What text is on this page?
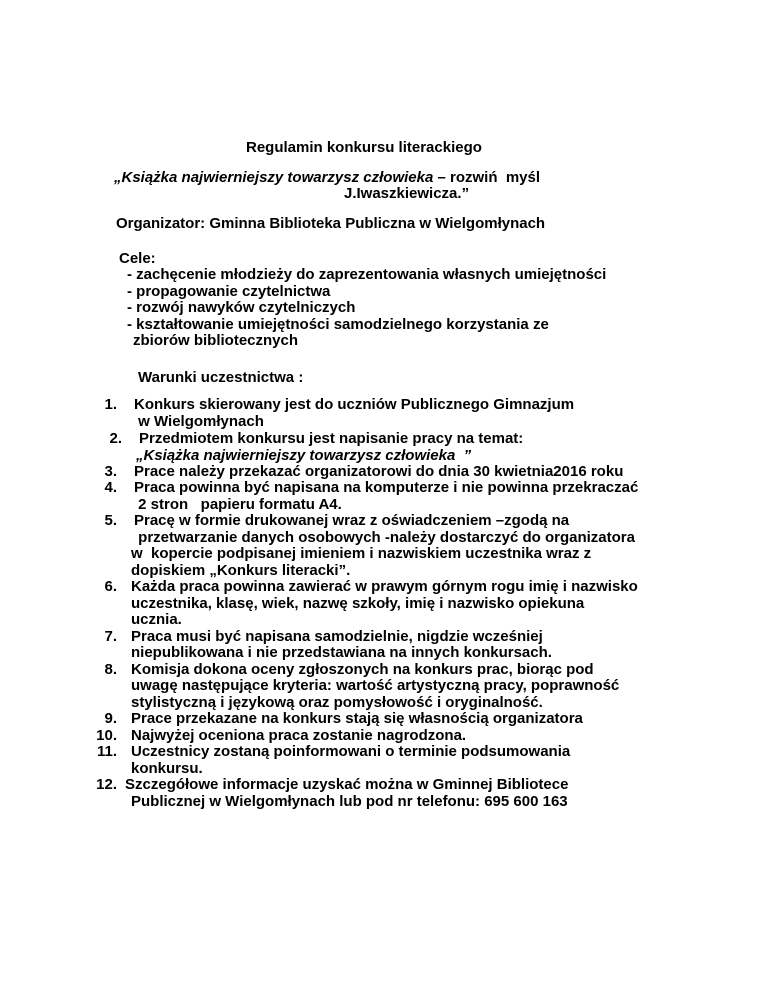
Regulamin konkursu literackiego
„Książka najwierniejszy towarzysz człowieka – rozwiń  myśl
J.Iwaszkiewicza.”
Organizator: Gminna Biblioteka Publiczna w Wielgomłynach
Cele:
- zachęcenie młodzieży do zaprezentowania własnych umiejętności
- propagowanie czytelnictwa
- rozwój nawyków czytelniczych
- kształtowanie umiejętności samodzielnego korzystania ze
zbiorów bibliotecznych
Warunki uczestnictwa :
1. Konkurs skierowany jest do uczniów Publicznego Gimnazjum
w Wielgomłynach
2. Przedmiotem konkursu jest napisanie pracy na temat:
„Książka najwierniejszy towarzysz człowieka  ”
3. Prace należy przekazać organizatorowi do dnia 30 kwietnia2016 roku
4. Praca powinna być napisana na komputerze i nie powinna przekraczać
2 stron   papieru formatu A4.
5. Pracę w formie drukowanej wraz z oświadczeniem –zgodą na
przetwarzanie danych osobowych -należy dostarczyć do organizatora
w  kopercie podpisanej imieniem i nazwiskiem uczestnika wraz z
dopiskiem „Konkurs literacki”.
6. Każda praca powinna zawierać w prawym górnym rogu imię i nazwisko
uczestnika, klasę, wiek, nazwę szkoły, imię i nazwisko opiekuna
ucznia.
7. Praca musi być napisana samodzielnie, nigdzie wcześniej
niepublikowana i nie przedstawiana na innych konkursach.
8. Komisja dokona oceny zgłoszonych na konkurs prac, biorąc pod
uwagę następujące kryteria: wartość artystyczną pracy, poprawność
stylistyczną i językową oraz pomysłowość i oryginalność.
9. Prace przekazane na konkurs stają się własnością organizatora
10. Najwyżej oceniona praca zostanie nagrodzona.
11. Uczestnicy zostaną poinformowani o terminie podsumowania
konkursu.
12. Szczegółowe informacje uzyskać można w Gminnej Bibliotece
Publicznej w Wielgomłynach lub pod nr telefonu: 695 600 163
